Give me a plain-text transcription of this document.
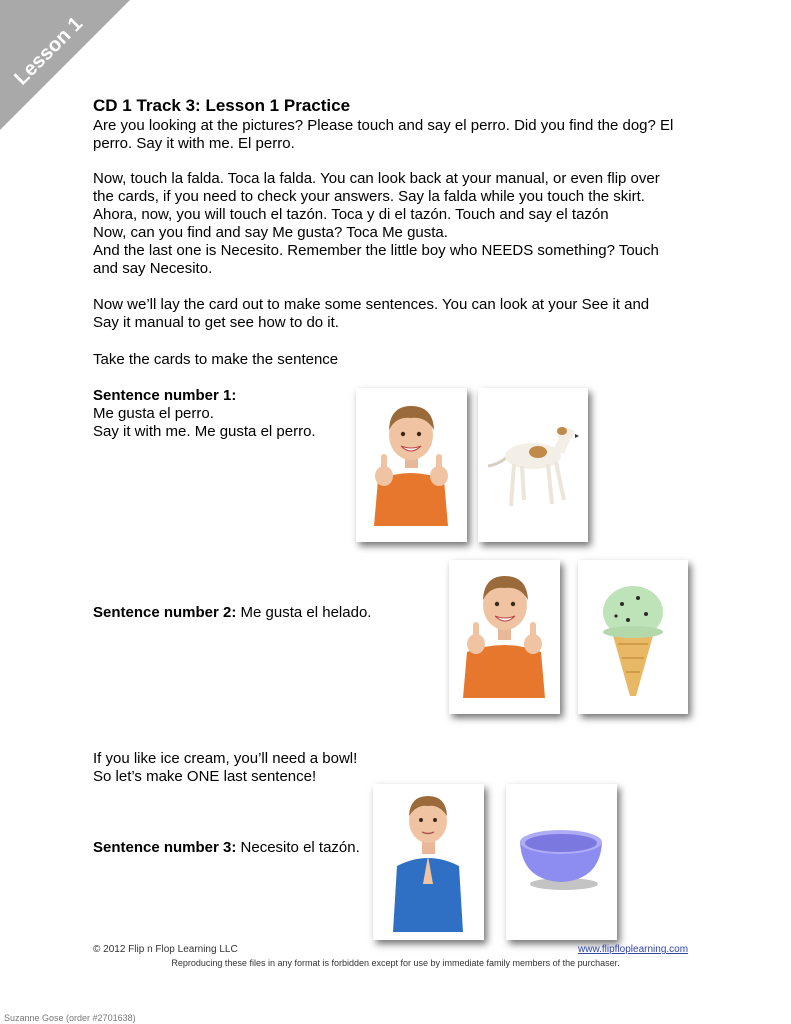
Lesson 1
CD 1 Track 3: Lesson 1 Practice

Are you looking at the pictures? Please touch and say el perro. Did you find the dog? El
perro. Say it with me. El perro.

Now, touch la falda. Toca la falda. You can look back at your manual, or even flip over
the cards, if you need to check your answers. Say la falda while you touch the skirt.
Ahora, now, you will touch el tazón. Toca y di el tazón. Touch and say el tazón
Now, can you find and say Me gusta? Toca Me gusta.
And the last one is Necesito. Remember the little boy who NEEDS something? Touch
and say Necesito.

Now we’ll lay the card out to make some sentences. You can look at your See it and
Say it manual to get see how to do it.

Take the cards to make the sentence

Sentence number 1:
Me gusta el perro.
Say it with me. Me gusta el perro.
Sentence number 2: Me gusta el helado.
If you like ice cream, you’ll need a bowl!
So let’s make ONE last sentence!
Sentence number 3: Necesito el tazón.
© 2012 Flip n Flop Learning LLC	www.flipfloplearning.com
Reproducing these files in any format is forbidden except for use by immediate family members of the purchaser.
Suzanne Gose (order #2701638)
